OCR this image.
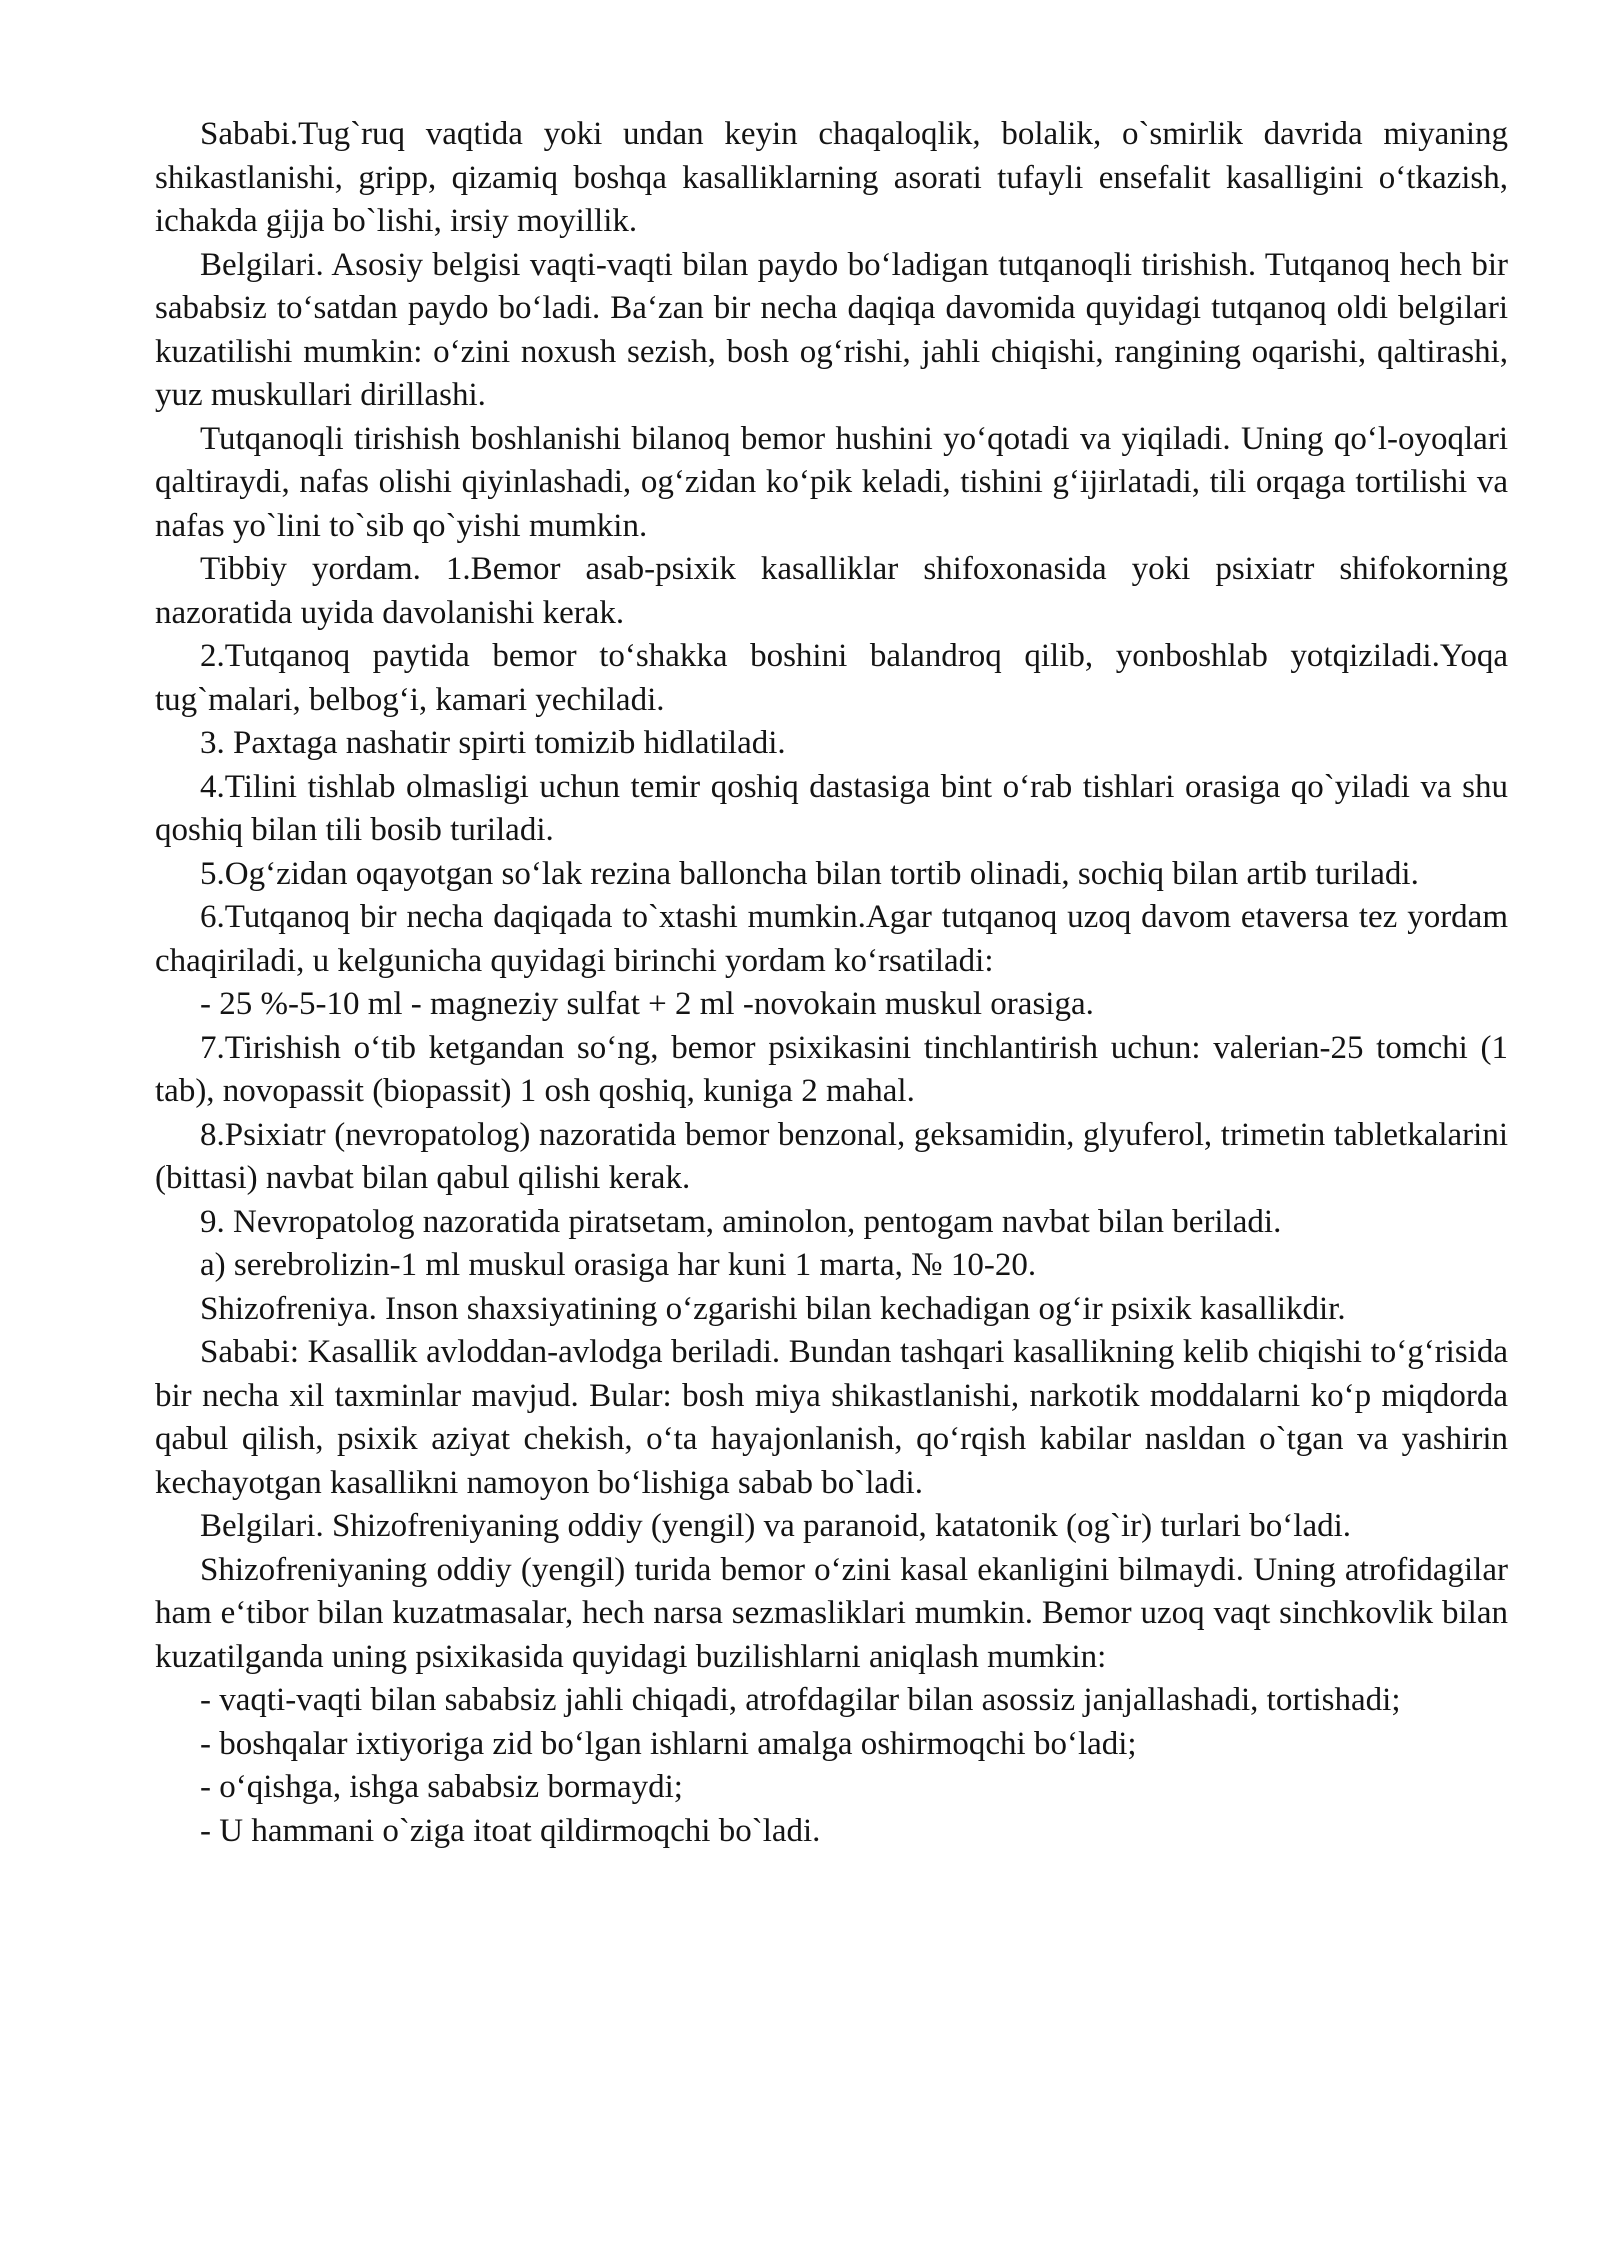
Sababi.Tug`ruq vaqtida yoki undan keyin chaqaloqlik, bolalik, o`smirlik davrida miyaning shikastlanishi, gripp, qizamiq boshqa kasalliklarning asorati tufayli ensefalit kasalligini o‘tkazish, ichakda gijja bo`lishi, irsiy moyillik.

Belgilari. Asosiy belgisi vaqti-vaqti bilan paydo bo‘ladigan tutqanoqli tirishish. Tutqanoq hech bir sababsiz to‘satdan paydo bo‘ladi. Ba‘zan bir necha daqiqa davomida quyidagi tutqanoq oldi belgilari kuzatilishi mumkin: o‘zini noxush sezish, bosh og‘rishi, jahli chiqishi, rangining oqarishi, qaltirashi, yuz muskullari dirillashi.

Tutqanoqli tirishish boshlanishi bilanoq bemor hushini yo‘qotadi va yiqiladi. Uning qo‘l-oyoqlari qaltiraydi, nafas olishi qiyinlashadi, og‘zidan ko‘pik keladi, tishini g‘ijirlatadi, tili orqaga tortilishi va nafas yo`lini to`sib qo`yishi mumkin.

Tibbiy yordam. 1.Bemor asab-psixik kasalliklar shifoxonasida yoki psixiatr shifokorning nazoratida uyida davolanishi kerak.

2.Tutqanoq paytida bemor to‘shakka boshini balandroq qilib, yonboshlab yotqiziladi.Yoqa tug`malari, belbog‘i, kamari yechiladi.

3. Paxtaga nashatir spirti tomizib hidlatiladi.

4.Tilini tishlab olmasligi uchun temir qoshiq dastasiga bint o‘rab tishlari orasiga qo`yiladi va shu qoshiq bilan tili bosib turiladi.

5.Og‘zidan oqayotgan so‘lak rezina balloncha bilan tortib olinadi, sochiq bilan artib turiladi.

6.Tutqanoq bir necha daqiqada to`xtashi mumkin.Agar tutqanoq uzoq davom etaversa tez yordam chaqiriladi, u kelgunicha quyidagi birinchi yordam ko‘rsatiladi:

- 25 %-5-10 ml - magneziy sulfat + 2 ml -novokain muskul orasiga.

7.Tirishish o‘tib ketgandan so‘ng, bemor psixikasini tinchlantirish uchun: valerian-25 tomchi (1 tab), novopassit (biopassit) 1 osh qoshiq, kuniga 2 mahal.

8.Psixiatr (nevropatolog) nazoratida bemor benzonal, geksamidin, glyuferol, trimetin tabletkalarini (bittasi) navbat bilan qabul qilishi kerak.

9. Nevropatolog nazoratida piratsetam, aminolon, pentogam navbat bilan beriladi.

a) serebrolizin-1 ml muskul orasiga har kuni 1 marta, № 10-20.

Shizofreniya. Inson shaxsiyatining o‘zgarishi bilan kechadigan og‘ir psixik kasallikdir.

Sababi: Kasallik avloddan-avlodga beriladi. Bundan tashqari kasallikning kelib chiqishi to‘g‘risida bir necha xil taxminlar mavjud. Bular: bosh miya shikastlanishi, narkotik moddalarni ko‘p miqdorda qabul qilish, psixik aziyat chekish, o‘ta hayajonlanish, qo‘rqish kabilar nasldan o`tgan va yashirin kechayotgan kasallikni namoyon bo‘lishiga sabab bo`ladi.

Belgilari. Shizofreniyaning oddiy (yengil) va paranoid, katatonik (og`ir) turlari bo‘ladi.

Shizofreniyaning oddiy (yengil) turida bemor o‘zini kasal ekanligini bilmaydi. Uning atrofidagilar ham e‘tibor bilan kuzatmasalar, hech narsa sezmasliklari mumkin. Bemor uzoq vaqt sinchkovlik bilan kuzatilganda uning psixikasida quyidagi buzilishlarni aniqlash mumkin:

- vaqti-vaqti bilan sababsiz jahli chiqadi, atrofdagilar bilan asossiz janjallashadi, tortishadi;

- boshqalar ixtiyoriga zid bo‘lgan ishlarni amalga oshirmoqchi bo‘ladi;

- o‘qishga, ishga sababsiz bormaydi;

- U hammani o`ziga itoat qildirmoqchi bo`ladi.
